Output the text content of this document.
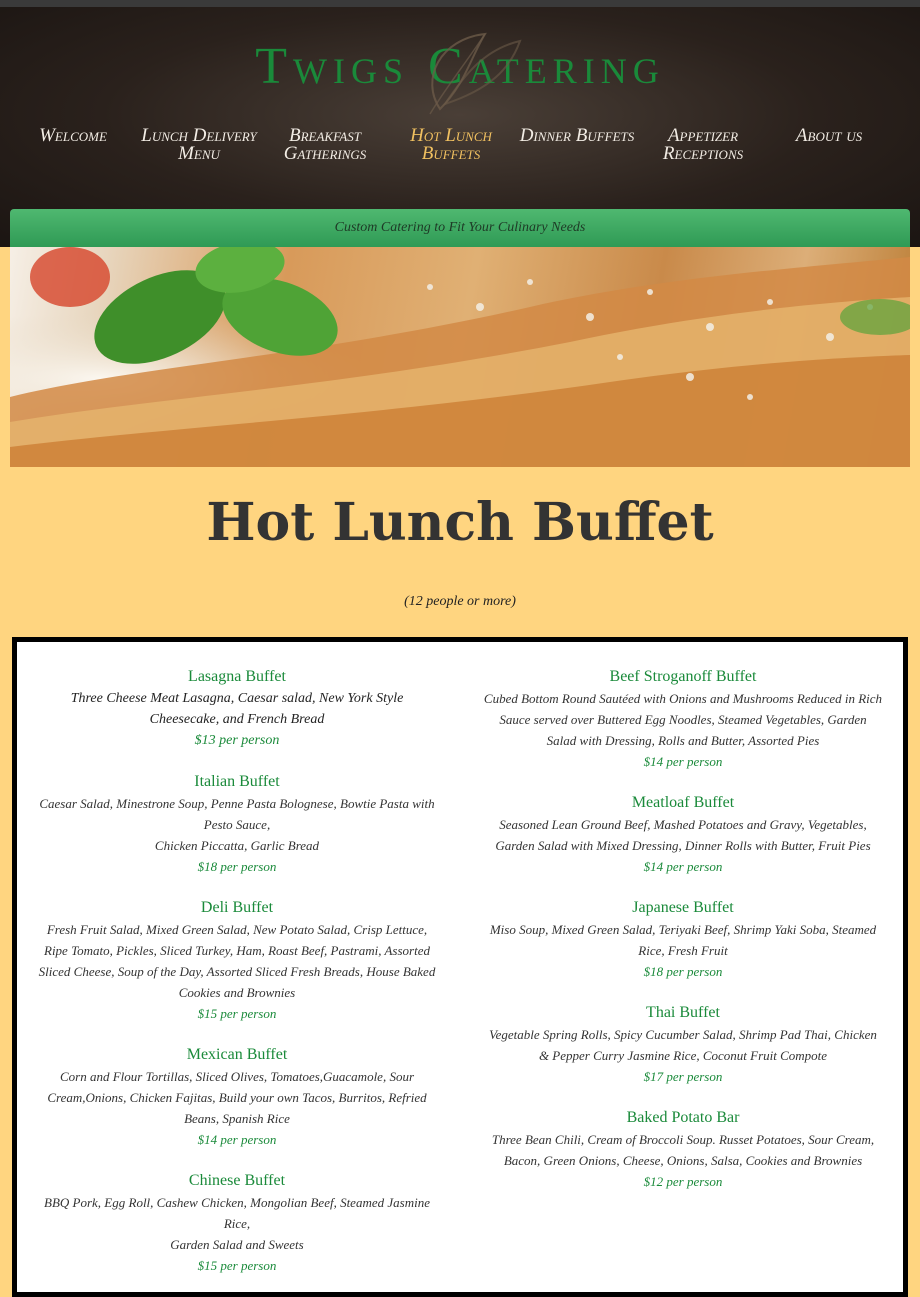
Twigs Catering
Welcome	Lunch Delivery Menu
Breakfast Gatherings
Hot Lunch Buffets
Dinner Buffets	Appetizer Receptions
About us
Custom Catering to Fit Your Culinary Needs
Hot Lunch Buffet
(12 people or more)
Lasagna Buffet
Three Cheese Meat Lasagna, Caesar salad, New York Style Cheesecake, and French Bread
$13 per person
Italian Buffet
Caesar Salad, Minestrone Soup, Penne Pasta Bolognese, Bowtie Pasta with Pesto Sauce,
Chicken Piccatta, Garlic Bread
$18 per person
Deli Buffet
Fresh Fruit Salad, Mixed Green Salad, New Potato Salad, Crisp Lettuce, Ripe Tomato, Pickles, Sliced Turkey, Ham, Roast Beef, Pastrami, Assorted Sliced Cheese, Soup of the Day, Assorted Sliced Fresh Breads, House Baked Cookies and Brownies
$15 per person
Mexican Buffet
Corn and Flour Tortillas, Sliced Olives, Tomatoes,Guacamole, Sour Cream,Onions, Chicken Fajitas, Build your own Tacos, Burritos, Refried Beans, Spanish Rice
$14 per person
Chinese Buffet
BBQ Pork, Egg Roll, Cashew Chicken, Mongolian Beef, Steamed Jasmine Rice,
Garden Salad and Sweets
$15 per person
Beef Stroganoff Buffet
Cubed Bottom Round Sautéed with Onions and Mushrooms Reduced in Rich Sauce served over Buttered Egg Noodles, Steamed Vegetables, Garden Salad with Dressing, Rolls and Butter, Assorted Pies
$14 per person
Meatloaf Buffet
Seasoned Lean Ground Beef, Mashed Potatoes and Gravy, Vegetables, Garden Salad with Mixed Dressing, Dinner Rolls with Butter, Fruit Pies
$14 per person
Japanese Buffet
Miso Soup, Mixed Green Salad, Teriyaki Beef, Shrimp Yaki Soba, Steamed Rice, Fresh Fruit
$18 per person
Thai Buffet
Vegetable Spring Rolls, Spicy Cucumber Salad, Shrimp Pad Thai, Chicken & Pepper Curry Jasmine Rice, Coconut Fruit Compote
$17 per person
Baked Potato Bar
Three Bean Chili, Cream of Broccoli Soup. Russet Potatoes, Sour Cream, Bacon, Green Onions, Cheese, Onions, Salsa, Cookies and Brownies
$12 per person
